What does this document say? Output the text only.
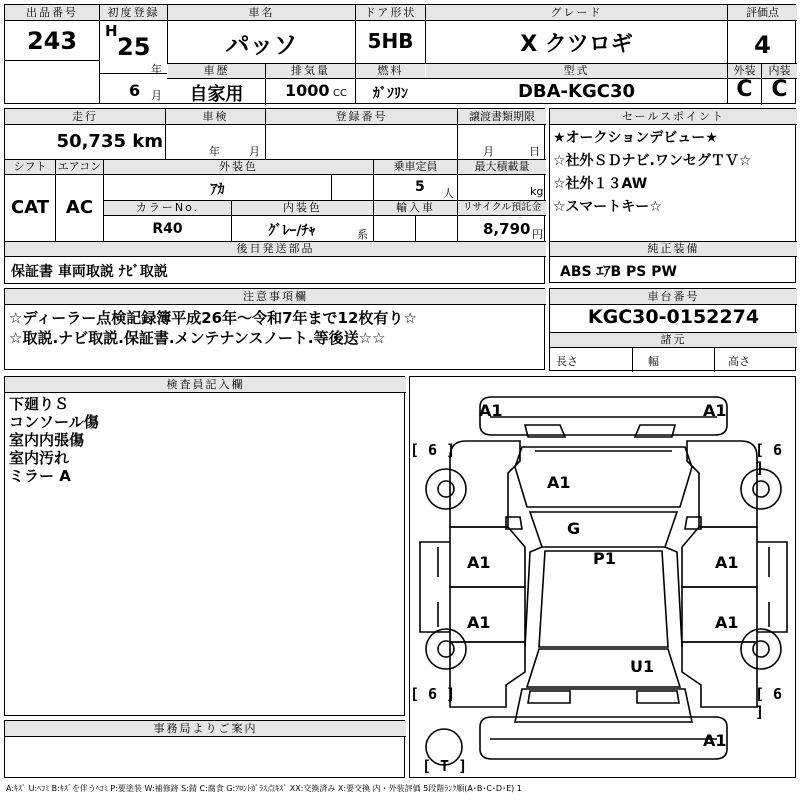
出品番号
243
初度登録
H
25
年
6 月
車名
パッソ
ドア形状
5HB
グレード
X クツロギ
評価点
4
車歴
自家用
排気量
1000 CC
燃料
ｶﾞｿﾘﾝ
型式
DBA-KGC30
外装
C
内装
C
走行
50,735 km
車検
年	月
登録番号	譲渡書類期限
月	日
シフト
CAT
エアコン
AC
外装色
ｱｶ
乗車定員
5 人
最大積載量
kg
カラーNo.
R40
内装色
ｸﾞﾚｰ/ﾁｬ	系
輸入車	リサイクル預託金
8,790 円
後日発送部品
保証書 車両取説 ﾅﾋﾞ取説
セールスポイント
★オークションデビュー★
☆社外ＳＤナビ.ワンセグＴＶ☆
☆社外１３AW
☆スマートキー☆
純正装備
ABS ｴｱB PS PW
注意事項欄
☆ディーラー点検記録簿平成26年～令和7年まで12枚有り☆
☆取説.ナビ取説.保証書.メンテナンスノート.等後送☆☆
車台番号
KGC30-0152274
諸元
長さ	幅	高さ
検査員記入欄
下廻りＳ
コンソール傷
室内内張傷
室内汚れ
ミラー A
事務局よりご案内
A1	A1
A1
G
P1
A1	A1
A1	A1
U1
A1
[ 6 ]	[ 6 ]
[ 6 ]	[ 6 ]
[ T ]
A:ｷｽﾞ U:ﾍｺﾐ B:ｷｽﾞを伴うﾍｺﾐ P:要塗装 W:補修跡 S:錆 C:腐食 G:ﾌﾛﾝﾄｶﾞﾗｽ点ｷｽﾞ XX:交換済み X:要交換 内・外装評価 5段階ﾗﾝｸ順(A･B･C･D･E) 1
